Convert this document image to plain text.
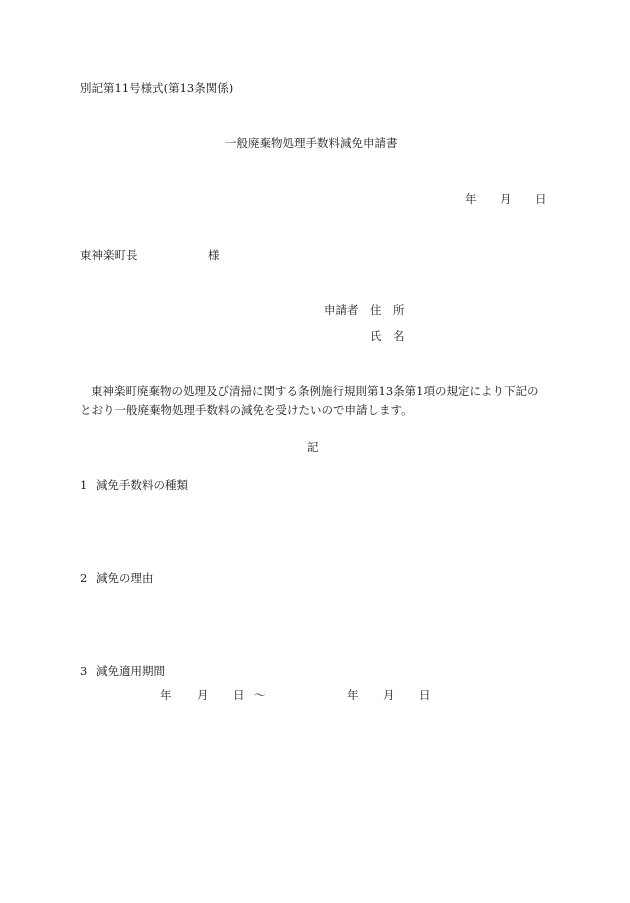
別記第11号様式(第13条関係)

一般廃棄物処理手数料減免申請書

年 月 日
東神楽町長	様
申請者 住　所
氏　名

東神楽町廃棄物の処理及び清掃に関する条例施行規則第13条第1項の規定により下記の

とおり一般廃棄物処理手数料の減免を受けたいので申請します。

記

1 減免手数料の種類
2 減免の理由
3 減免適用期間
年 月 日 〜	年 月 日
